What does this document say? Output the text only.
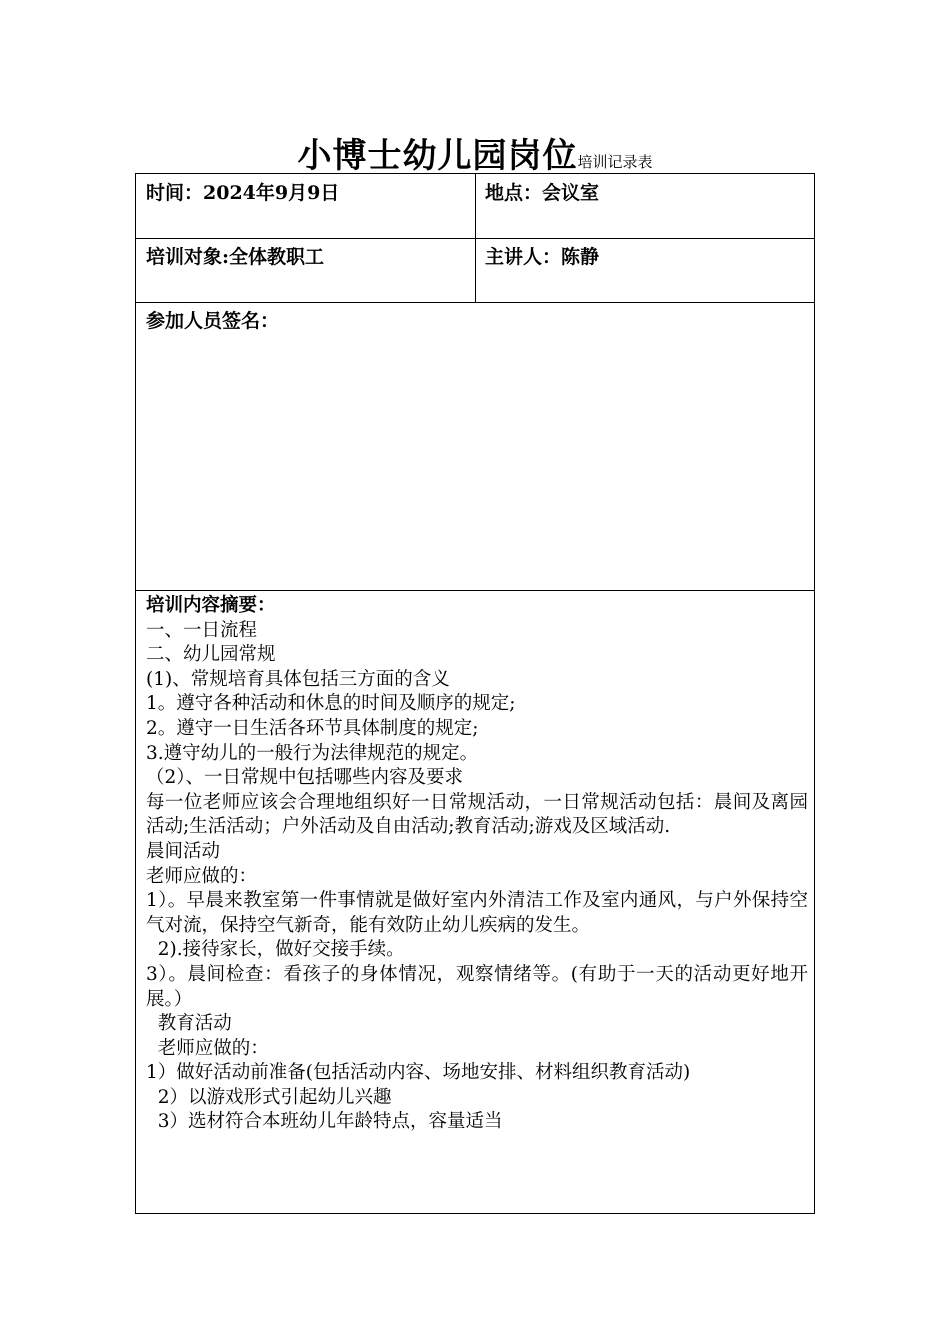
小博士幼儿园岗位培训记录表
时间：2024年9月9日	地点：会议室
培训对象:全体教职工	主讲人：陈静
参加人员签名：
培训内容摘要：
一、一日流程
二、幼儿园常规
(1)、常规培育具体包括三方面的含义
1。遵守各种活动和休息的时间及顺序的规定;
2。遵守一日生活各环节具体制度的规定;
3.遵守幼儿的一般行为法律规范的规定。
（2）、一日常规中包括哪些内容及要求
每一位老师应该会合理地组织好一日常规活动，一日常规活动包括：晨间及离园活动;生活活动；户外活动及自由活动;教育活动;游戏及区域活动.
晨间活动
老师应做的：
1）。早晨来教室第一件事情就是做好室内外清洁工作及室内通风，与户外保持空气对流，保持空气新奇，能有效防止幼儿疾病的发生。
2).接待家长，做好交接手续。
3）。晨间检查：看孩子的身体情况，观察情绪等。(有助于一天的活动更好地开展。）
教育活动
老师应做的：
1）做好活动前准备(包括活动内容、场地安排、材料组织教育活动)
2）以游戏形式引起幼儿兴趣
3）选材符合本班幼儿年龄特点，容量适当
